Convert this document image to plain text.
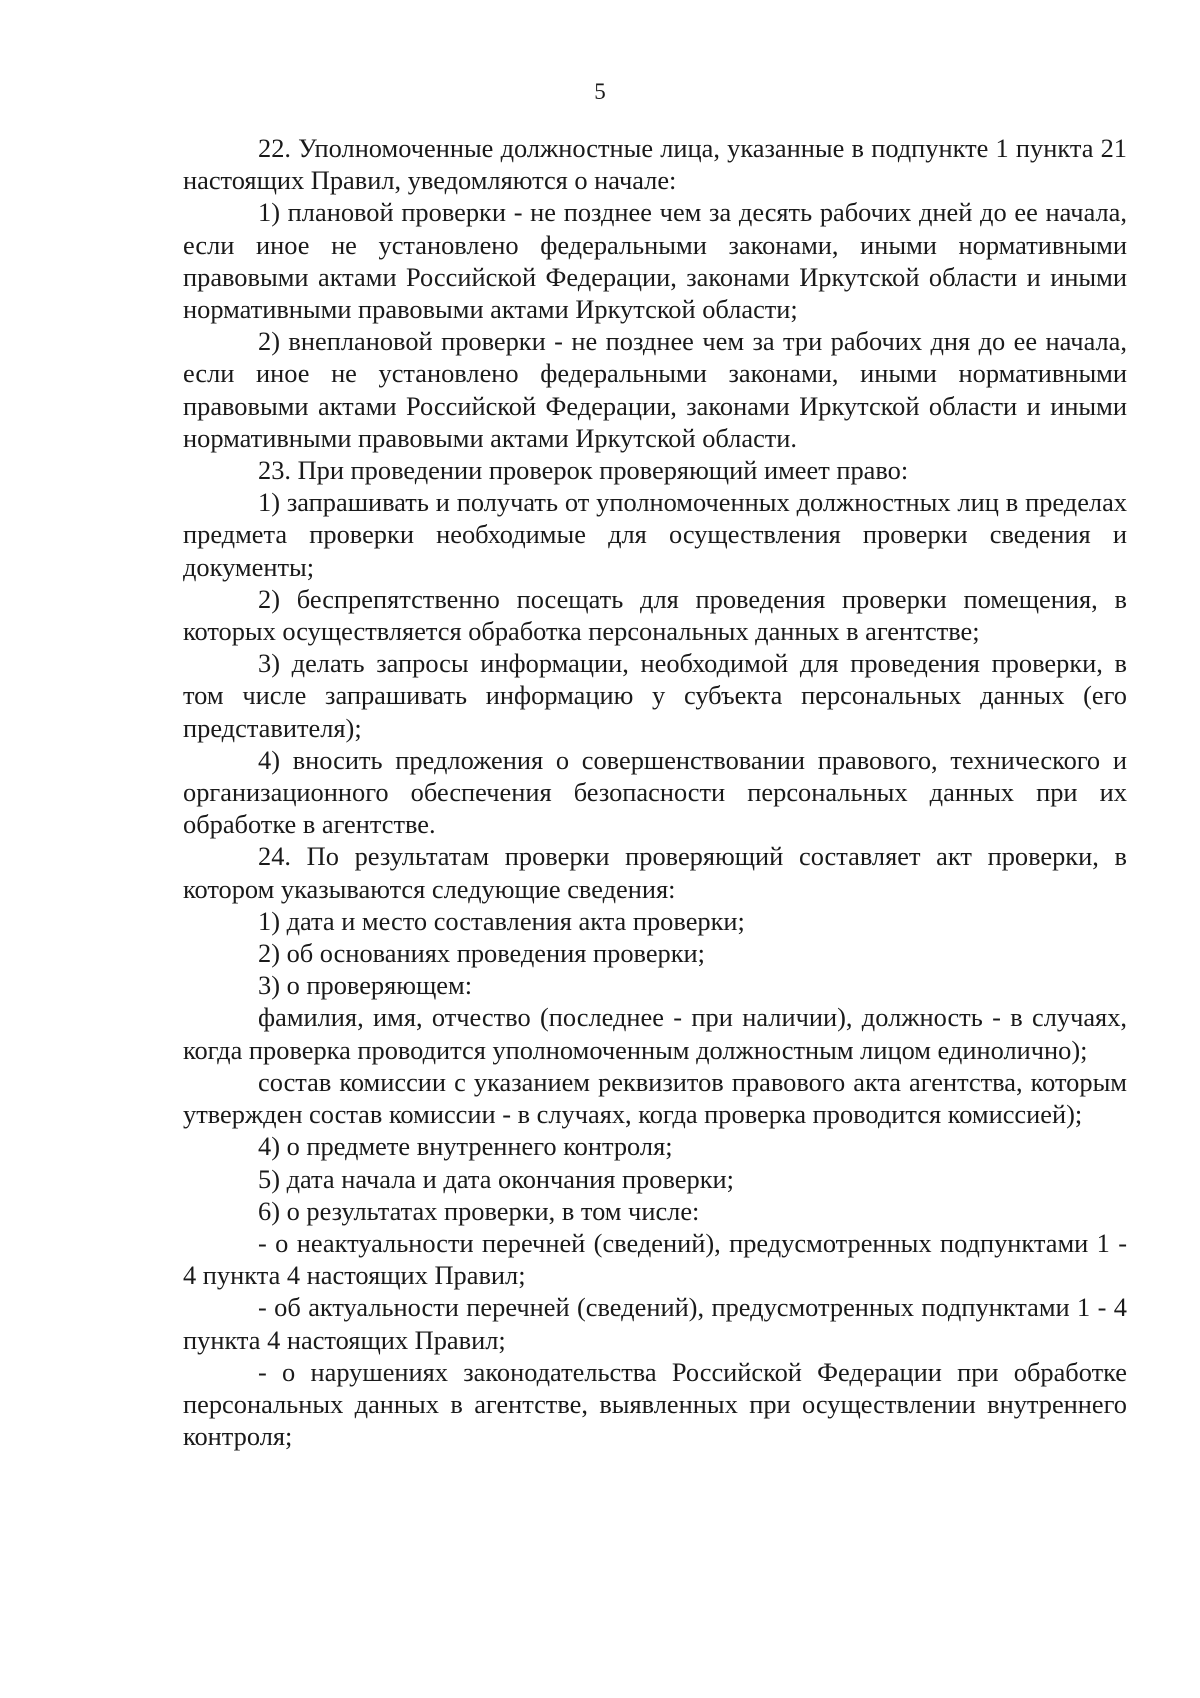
5

22. Уполномоченные должностные лица, указанные в подпункте 1 пункта 21 настоящих Правил, уведомляются о начале:

1) плановой проверки - не позднее чем за десять рабочих дней до ее начала, если иное не установлено федеральными законами, иными нормативными правовыми актами Российской Федерации, законами Иркутской области и иными нормативными правовыми актами Иркутской области;

2) внеплановой проверки - не позднее чем за три рабочих дня до ее начала, если иное не установлено федеральными законами, иными нормативными правовыми актами Российской Федерации, законами Иркутской области и иными нормативными правовыми актами Иркутской области.

23. При проведении проверок проверяющий имеет право:

1) запрашивать и получать от уполномоченных должностных лиц в пределах предмета проверки необходимые для осуществления проверки сведения и документы;

2) беспрепятственно посещать для проведения проверки помещения, в которых осуществляется обработка персональных данных в агентстве;

3) делать запросы информации, необходимой для проведения проверки, в том числе запрашивать информацию у субъекта персональных данных (его представителя);

4) вносить предложения о совершенствовании правового, технического и организационного обеспечения безопасности персональных данных при их обработке в агентстве.

24. По результатам проверки проверяющий составляет акт проверки, в котором указываются следующие сведения:

1) дата и место составления акта проверки;

2) об основаниях проведения проверки;

3) о проверяющем:

фамилия, имя, отчество (последнее - при наличии), должность - в случаях, когда проверка проводится уполномоченным должностным лицом единолично);

состав комиссии с указанием реквизитов правового акта агентства, которым утвержден состав комиссии - в случаях, когда проверка проводится комиссией);

4) о предмете внутреннего контроля;

5) дата начала и дата окончания проверки;

6) о результатах проверки, в том числе:

- о неактуальности перечней (сведений), предусмотренных подпунктами 1 - 4 пункта 4 настоящих Правил;

- об актуальности перечней (сведений), предусмотренных подпунктами 1 - 4 пункта 4 настоящих Правил;

- о нарушениях законодательства Российской Федерации при обработке персональных данных в агентстве, выявленных при осуществлении внутреннего контроля;
